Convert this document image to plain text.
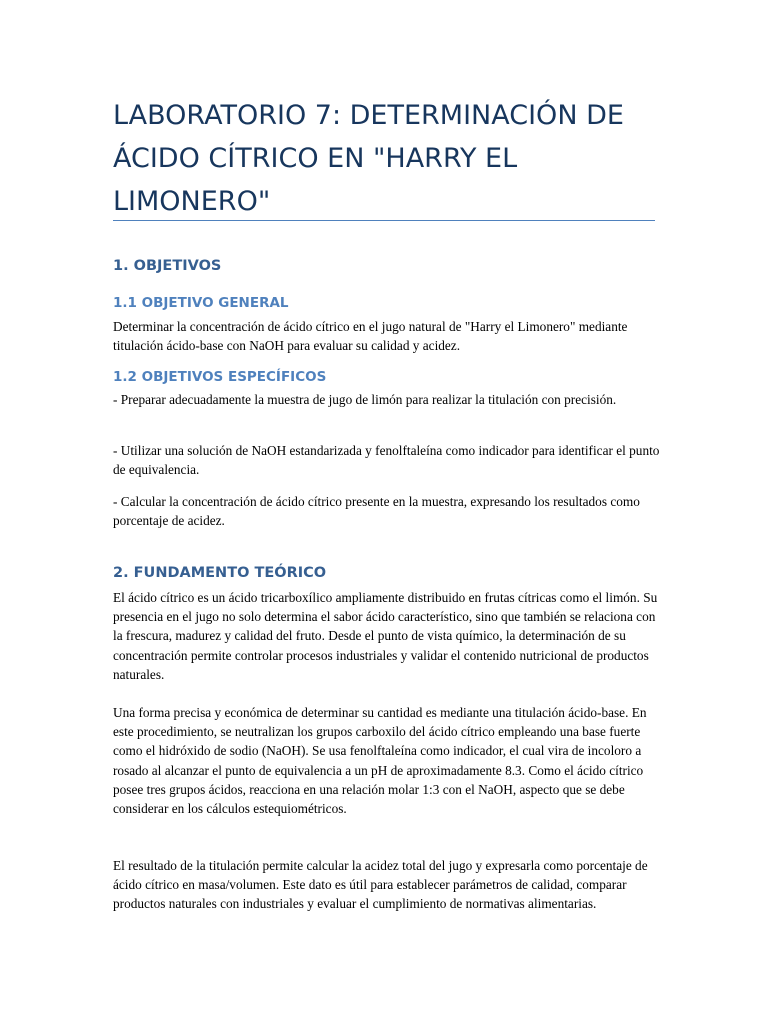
LABORATORIO 7: DETERMINACIÓN DE ÁCIDO CÍTRICO EN "HARRY EL LIMONERO"
1. OBJETIVOS
1.1 OBJETIVO GENERAL

Determinar la concentración de ácido cítrico en el jugo natural de "Harry el Limonero" mediante titulación ácido-base con NaOH para evaluar su calidad y acidez.

1.2 OBJETIVOS ESPECÍFICOS

- Preparar adecuadamente la muestra de jugo de limón para realizar la titulación con precisión.

- Utilizar una solución de NaOH estandarizada y fenolftaleína como indicador para identificar el punto de equivalencia.

- Calcular la concentración de ácido cítrico presente en la muestra, expresando los resultados como porcentaje de acidez.

2. FUNDAMENTO TEÓRICO

El ácido cítrico es un ácido tricarboxílico ampliamente distribuido en frutas cítricas como el limón. Su presencia en el jugo no solo determina el sabor ácido característico, sino que también se relaciona con la frescura, madurez y calidad del fruto. Desde el punto de vista químico, la determinación de su concentración permite controlar procesos industriales y validar el contenido nutricional de productos naturales.

Una forma precisa y económica de determinar su cantidad es mediante una titulación ácido-base. En este procedimiento, se neutralizan los grupos carboxilo del ácido cítrico empleando una base fuerte como el hidróxido de sodio (NaOH). Se usa fenolftaleína como indicador, el cual vira de incoloro a rosado al alcanzar el punto de equivalencia a un pH de aproximadamente 8.3. Como el ácido cítrico posee tres grupos ácidos, reacciona en una relación molar 1:3 con el NaOH, aspecto que se debe considerar en los cálculos estequiométricos.

El resultado de la titulación permite calcular la acidez total del jugo y expresarla como porcentaje de ácido cítrico en masa/volumen. Este dato es útil para establecer parámetros de calidad, comparar productos naturales con industriales y evaluar el cumplimiento de normativas alimentarias.
